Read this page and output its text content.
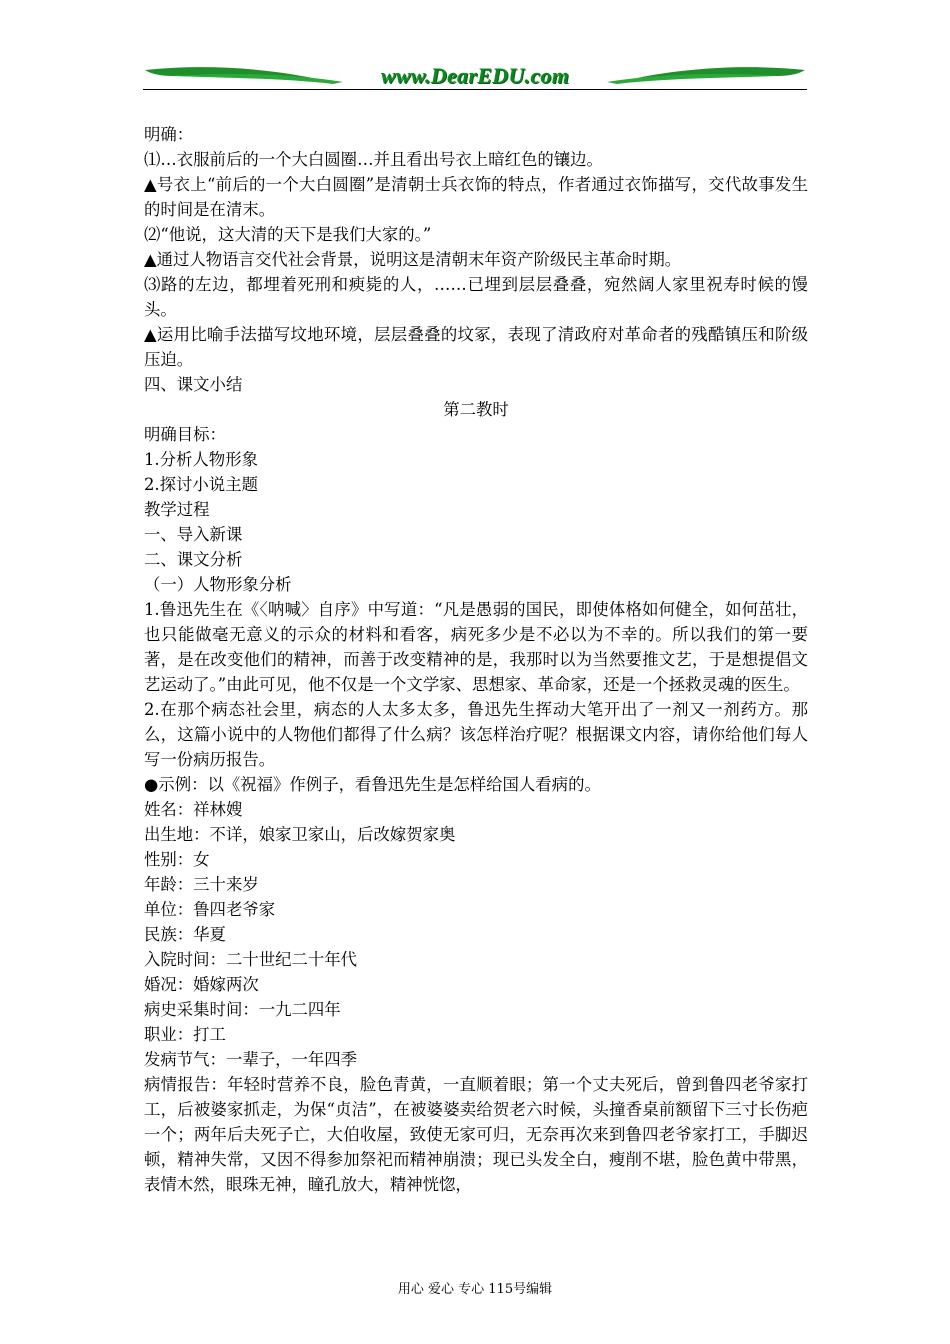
www.DearEDU.com

明确：

⑴…衣服前后的一个大白圆圈…并且看出号衣上暗红色的镶边。

▲号衣上“前后的一个大白圆圈”是清朝士兵衣饰的特点，作者通过衣饰描写，交代故事发生的时间是在清末。

⑵“他说，这大清的天下是我们大家的。”

▲通过人物语言交代社会背景，说明这是清朝末年资产阶级民主革命时期。

⑶路的左边，都埋着死刑和瘐毙的人，……已埋到层层叠叠，宛然阔人家里祝寿时候的馒头。

▲运用比喻手法描写坟地环境，层层叠叠的坟冢，表现了清政府对革命者的残酷镇压和阶级压迫。

四、课文小结

第二教时

明确目标：

1.分析人物形象

2.探讨小说主题

教学过程

一、导入新课

二、课文分析

（一）人物形象分析

1.鲁迅先生在《〈呐喊〉自序》中写道：“凡是愚弱的国民，即使体格如何健全，如何茁壮，也只能做毫无意义的示众的材料和看客，病死多少是不必以为不幸的。所以我们的第一要著，是在改变他们的精神，而善于改变精神的是，我那时以为当然要推文艺，于是想提倡文艺运动了。”由此可见，他不仅是一个文学家、思想家、革命家，还是一个拯救灵魂的医生。

2.在那个病态社会里，病态的人太多太多，鲁迅先生挥动大笔开出了一剂又一剂药方。那么，这篇小说中的人物他们都得了什么病？该怎样治疗呢？根据课文内容，请你给他们每人写一份病历报告。

●示例：以《祝福》作例子，看鲁迅先生是怎样给国人看病的。

姓名：祥林嫂

出生地：不详，娘家卫家山，后改嫁贺家奥

性别：女

年龄：三十来岁

单位：鲁四老爷家

民族：华夏

入院时间：二十世纪二十年代

婚况：婚嫁两次

病史采集时间：一九二四年

职业：打工

发病节气：一辈子，一年四季

病情报告：年轻时营养不良，脸色青黄，一直顺着眼；第一个丈夫死后，曾到鲁四老爷家打工，后被婆家抓走，为保“贞洁”，在被婆婆卖给贺老六时候，头撞香桌前额留下三寸长伤疤一个；两年后夫死子亡，大伯收屋，致使无家可归，无奈再次来到鲁四老爷家打工，手脚迟顿，精神失常，又因不得参加祭祀而精神崩溃；现已头发全白，瘦削不堪，脸色黄中带黑，表情木然，眼珠无神，瞳孔放大，精神恍惚，

用心 爱心 专心 115号编辑
